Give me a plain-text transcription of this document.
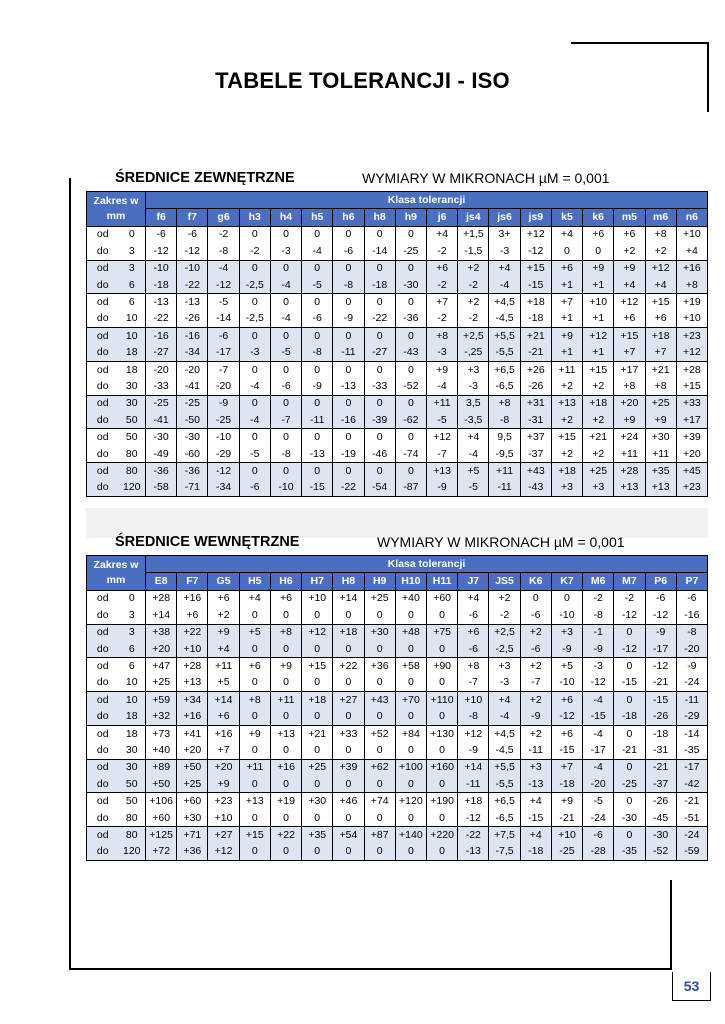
TABELE TOLERANCJI - ISO
ŚREDNICE ZEWNĘTRZNE	WYMIARY W MIKRONACH µM = 0,001
Zakres w mm		Klasa tolerancji																	
		f6	f7	g6	h3	h4	h5	h6	h8	h9	j6	js4	js6	js9	k5	k6	m5	m6	n6
od	0	-6	-6	-2	0	0	0	0	0	0	+4	+1,5	3+	+12	+4	+6	+6	+8	+10
do	3	-12	-12	-8	-2	-3	-4	-6	-14	-25	-2	-1,5	-3	-12	0	0	+2	+2	+4
od	3	-10	-10	-4	0	0	0	0	0	0	+6	+2	+4	+15	+6	+9	+9	+12	+16
do	6	-18	-22	-12	-2,5	-4	-5	-8	-18	-30	-2	-2	-4	-15	+1	+1	+4	+4	+8
od	6	-13	-13	-5	0	0	0	0	0	0	+7	+2	+4,5	+18	+7	+10	+12	+15	+19
do	10	-22	-26	-14	-2,5	-4	-6	-9	-22	-36	-2	-2	-4,5	-18	+1	+1	+6	+6	+10
od	10	-16	-16	-6	0	0	0	0	0	0	+8	+2,5	+5,5	+21	+9	+12	+15	+18	+23
do	18	-27	-34	-17	-3	-5	-8	-11	-27	-43	-3	-,25	-5,5	-21	+1	+1	+7	+7	+12
od	18	-20	-20	-7	0	0	0	0	0	0	+9	+3	+6,5	+26	+11	+15	+17	+21	+28
do	30	-33	-41	-20	-4	-6	-9	-13	-33	-52	-4	-3	-6,5	-26	+2	+2	+8	+8	+15
od	30	-25	-25	-9	0	0	0	0	0	0	+11	3,5	+8	+31	+13	+18	+20	+25	+33
do	50	-41	-50	-25	-4	-7	-11	-16	-39	-62	-5	-3,5	-8	-31	+2	+2	+9	+9	+17
od	50	-30	-30	-10	0	0	0	0	0	0	+12	+4	9,5	+37	+15	+21	+24	+30	+39
do	80	-49	-60	-29	-5	-8	-13	-19	-46	-74	-7	-4	-9,5	-37	+2	+2	+11	+11	+20
od	80	-36	-36	-12	0	0	0	0	0	0	+13	+5	+11	+43	+18	+25	+28	+35	+45
do	120	-58	-71	-34	-6	-10	-15	-22	-54	-87	-9	-5	-11	-43	+3	+3	+13	+13	+23
ŚREDNICE WEWNĘTRZNE	WYMIARY W MIKRONACH µM = 0,001
Zakres w mm		Klasa tolerancji																	
		E8	F7	G5	H5	H6	H7	H8	H9	H10	H11	J7	JS5	K6	K7	M6	M7	P6	P7
od	0	+28	+16	+6	+4	+6	+10	+14	+25	+40	+60	+4	+2	0	0	-2	-2	-6	-6
do	3	+14	+6	+2	0	0	0	0	0	0	0	-6	-2	-6	-10	-8	-12	-12	-16
od	3	+38	+22	+9	+5	+8	+12	+18	+30	+48	+75	+6	+2,5	+2	+3	-1	0	-9	-8
do	6	+20	+10	+4	0	0	0	0	0	0	0	-6	-2,5	-6	-9	-9	-12	-17	-20
od	6	+47	+28	+11	+6	+9	+15	+22	+36	+58	+90	+8	+3	+2	+5	-3	0	-12	-9
do	10	+25	+13	+5	0	0	0	0	0	0	0	-7	-3	-7	-10	-12	-15	-21	-24
od	10	+59	+34	+14	+8	+11	+18	+27	+43	+70	+110	+10	+4	+2	+6	-4	0	-15	-11
do	18	+32	+16	+6	0	0	0	0	0	0	0	-8	-4	-9	-12	-15	-18	-26	-29
od	18	+73	+41	+16	+9	+13	+21	+33	+52	+84	+130	+12	+4,5	+2	+6	-4	0	-18	-14
do	30	+40	+20	+7	0	0	0	0	0	0	0	-9	-4,5	-11	-15	-17	-21	-31	-35
od	30	+89	+50	+20	+11	+16	+25	+39	+62	+100	+160	+14	+5,5	+3	+7	-4	0	-21	-17
do	50	+50	+25	+9	0	0	0	0	0	0	0	-11	-5,5	-13	-18	-20	-25	-37	-42
od	50	+106	+60	+23	+13	+19	+30	+46	+74	+120	+190	+18	+6,5	+4	+9	-5	0	-26	-21
do	80	+60	+30	+10	0	0	0	0	0	0	0	-12	-6,5	-15	-21	-24	-30	-45	-51
od	80	+125	+71	+27	+15	+22	+35	+54	+87	+140	+220	-22	+7,5	+4	+10	-6	0	-30	-24
do	120	+72	+36	+12	0	0	0	0	0	0	0	-13	-7,5	-18	-25	-28	-35	-52	-59
53
